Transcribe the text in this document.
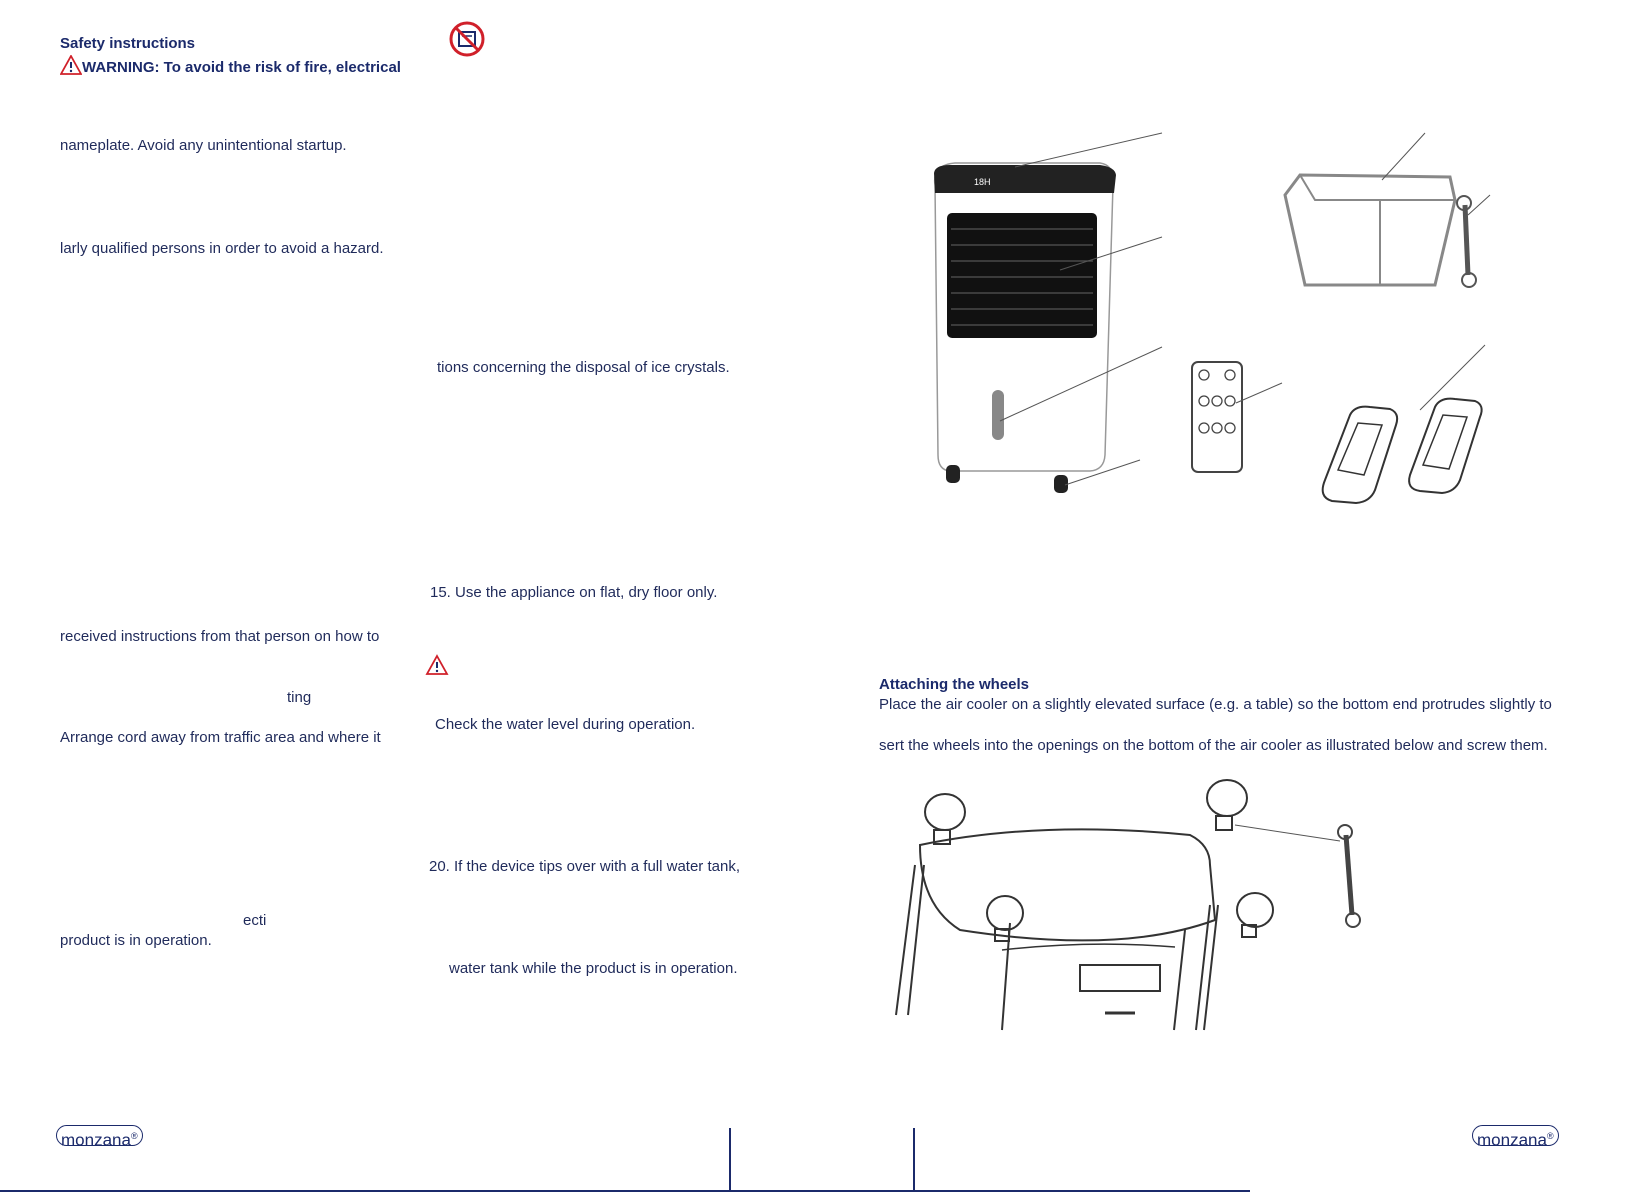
Safety instructions
WARNING: To avoid the risk of fire, electrical
nameplate. Avoid any unintentional startup.
larly qualified persons in order to avoid a hazard.
received instructions from that person on how to
ting
Arrange cord away from traffic area and where it
ecti
product is in operation.
tions concerning the disposal of ice crystals.
15. Use the appliance on flat, dry floor only.
Check the water level during operation.
20. If the device tips over with a full water tank,
water tank while the product is in operation.
18H
Attaching the wheels
Place the air cooler on a slightly elevated surface (e.g. a table) so the bottom end protrudes slightly to
sert the wheels into the openings on the bottom of the air cooler as illustrated below and screw them.
monzana®	monzana®
